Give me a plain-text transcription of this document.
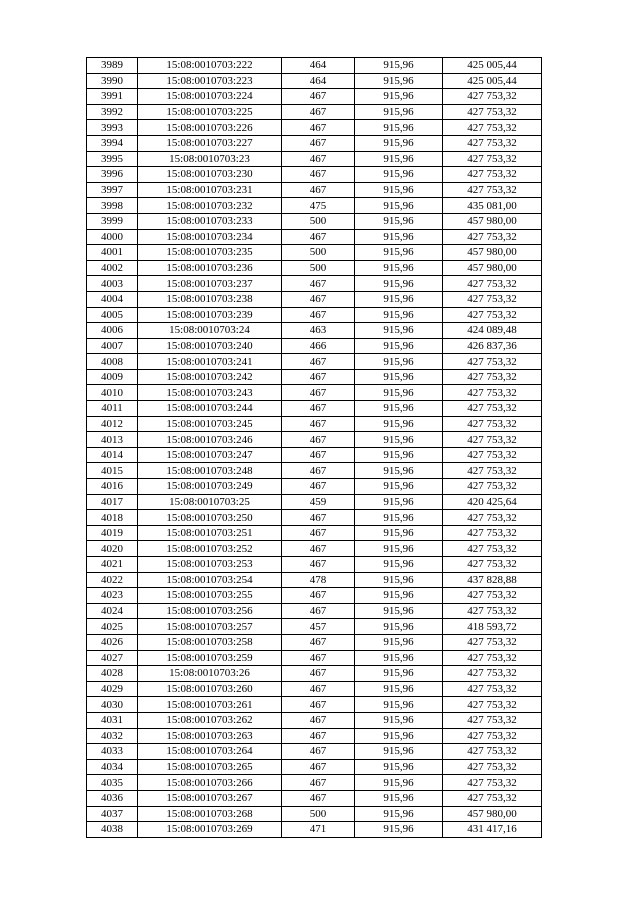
3989	15:08:0010703:222	464	915,96	425 005,44
3990	15:08:0010703:223	464	915,96	425 005,44
3991	15:08:0010703:224	467	915,96	427 753,32
3992	15:08:0010703:225	467	915,96	427 753,32
3993	15:08:0010703:226	467	915,96	427 753,32
3994	15:08:0010703:227	467	915,96	427 753,32
3995	15:08:0010703:23	467	915,96	427 753,32
3996	15:08:0010703:230	467	915,96	427 753,32
3997	15:08:0010703:231	467	915,96	427 753,32
3998	15:08:0010703:232	475	915,96	435 081,00
3999	15:08:0010703:233	500	915,96	457 980,00
4000	15:08:0010703:234	467	915,96	427 753,32
4001	15:08:0010703:235	500	915,96	457 980,00
4002	15:08:0010703:236	500	915,96	457 980,00
4003	15:08:0010703:237	467	915,96	427 753,32
4004	15:08:0010703:238	467	915,96	427 753,32
4005	15:08:0010703:239	467	915,96	427 753,32
4006	15:08:0010703:24	463	915,96	424 089,48
4007	15:08:0010703:240	466	915,96	426 837,36
4008	15:08:0010703:241	467	915,96	427 753,32
4009	15:08:0010703:242	467	915,96	427 753,32
4010	15:08:0010703:243	467	915,96	427 753,32
4011	15:08:0010703:244	467	915,96	427 753,32
4012	15:08:0010703:245	467	915,96	427 753,32
4013	15:08:0010703:246	467	915,96	427 753,32
4014	15:08:0010703:247	467	915,96	427 753,32
4015	15:08:0010703:248	467	915,96	427 753,32
4016	15:08:0010703:249	467	915,96	427 753,32
4017	15:08:0010703:25	459	915,96	420 425,64
4018	15:08:0010703:250	467	915,96	427 753,32
4019	15:08:0010703:251	467	915,96	427 753,32
4020	15:08:0010703:252	467	915,96	427 753,32
4021	15:08:0010703:253	467	915,96	427 753,32
4022	15:08:0010703:254	478	915,96	437 828,88
4023	15:08:0010703:255	467	915,96	427 753,32
4024	15:08:0010703:256	467	915,96	427 753,32
4025	15:08:0010703:257	457	915,96	418 593,72
4026	15:08:0010703:258	467	915,96	427 753,32
4027	15:08:0010703:259	467	915,96	427 753,32
4028	15:08:0010703:26	467	915,96	427 753,32
4029	15:08:0010703:260	467	915,96	427 753,32
4030	15:08:0010703:261	467	915,96	427 753,32
4031	15:08:0010703:262	467	915,96	427 753,32
4032	15:08:0010703:263	467	915,96	427 753,32
4033	15:08:0010703:264	467	915,96	427 753,32
4034	15:08:0010703:265	467	915,96	427 753,32
4035	15:08:0010703:266	467	915,96	427 753,32
4036	15:08:0010703:267	467	915,96	427 753,32
4037	15:08:0010703:268	500	915,96	457 980,00
4038	15:08:0010703:269	471	915,96	431 417,16
